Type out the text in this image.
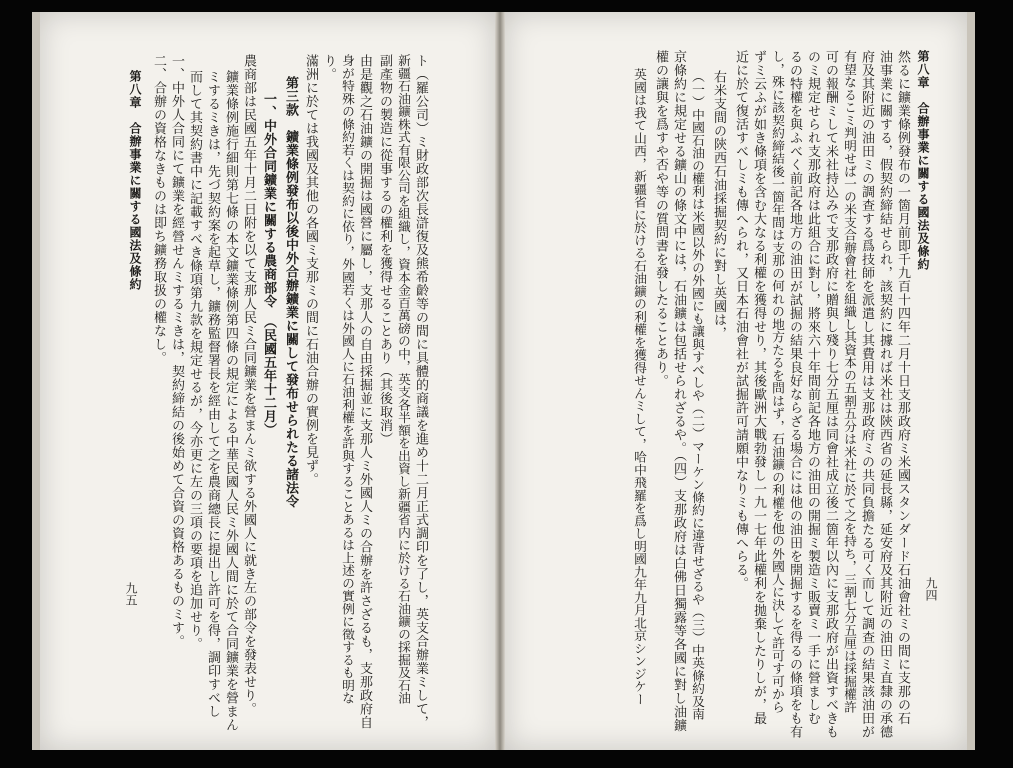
第八章　合辦事業に關する國法及條約 二、合辦の資格なきものは即ち鑛務取扱の權なし。 一、中外人合同にて鑛業を經營せんミするミきは，契約締結の後始めて合資の資格あるものミす。 而して其契約書中に記載すべき條項第九款を規定せるが，今亦更に左の三項の要項を追加せり。 ミするミきは，先づ契約案を起草し，鑛務監督署長を經由して之を農商總長に提出し許可を得，調印すべし 鑛業條例施行細則第七條の本文鑛業條例第四條の規定による中華民國人民ミ外國人間に於て合同鑛業を營まん 農商部は民國五年十月二日附を以て支那人民ミ合同鑛業を營まんミ欲する外國人に就き左の部令を發表せり。 一、中外合同鑛業に關する農商部令　（民國五年十二月） 第三款　鑛業條例發布以後中外合辦鑛業に關して發布せられたる諸法令 滿洲に於ては我國及其他の各國ミ支那ミの間に石油合辦の實例を見ず。 り。 身が特殊の條約若くは契約に依り，外國若くは外國人に石油利權を許與することあるは上述の實例に徵するも明な 由是觀之石油鑛の開掘は國營に屬し，支那人の自由採掘並に支那人ミ外國人ミの合辦を許さざるも，支那政府自 副產物の製造に從事するの權利を獲得せることあり（其後取消） 新疆石油鑛株式有限公司を組織し，資本金百萬磅の中，英支各半額を出資し新疆省内に於ける石油鑛の採掘及石油 ト（羅公司）ミ財政部次長滸復及熊希齡等の間に具體的商議を進め十二月正式調印を了し，英支合辦業ミして，
九五	九四
第八章　合辦事業に關する國法及條約
然るに鑛業條例發布の一箇月前即千九百十四年二月十日支那政府ミ米國スタンダード石油會社ミの間に支那の石
油事業に關する，假契約締結せられ，該契約に據れば米社は陝西省の延長縣，延安府及其附近の油田ミ直隸の承德
府及其附近の油田ミの調查する爲技師を派遣し其費用は支那政府ミの共同負擔たる可く而して調查の結果該油田が
有望なるこミ判明せば一の米支合辦會社を組織し其資本の五割五分は米社に於て之を持ち，三割七分五厘は採掘權許
可の報酬ミして米社持込みで支那政府に贈與し殘り七分五厘は同會社成立後二箇年以內に支那政府が出資すべきも
のミ規定せられ支那政府は此組合に對し，將來六十年間前記各地方の油田の開掘ミ製造ミ販賣ミ一手に營ましむ
るの特權を與ふべく前記各地方の油田が試掘の結果良好ならざる場合には他の油田を開掘するを得るの條項をも有
し，殊に該契約締結後一箇年間は支那の何れの地方たるを問はず，石油鑛の利權を他の外國人に決して許可す可から
ずミ云ふが如き條項を含む大なる利權を獲得せり，其後歐洲大戰勃發し一九一七年此權利を拋棄したりしが，最
近に於て復活すべしミも傳へられ，又日本石油會社が試掘許可請願中なりミも傳へらる。
右米支間の陝西石油採掘契約に對し英國は，
（一）中國石油の權利は米國以外の外國にも讓與すべしや（二）マーケン條約に違背せざるや（三）中英條約及南
京條約に規定せる鑛山の條文中には，石油鑛は包括せられざるや。（四）支那政府は白佛日獨露等各國に對し油鑛
權の讓與を爲すや否や等の質問書を發したることあり。
英國は我て山西，新疆省に於ける石油鑛の利權を獲得せんミして，哈中飛羅を爲し明國九年九月北京シンジケー
